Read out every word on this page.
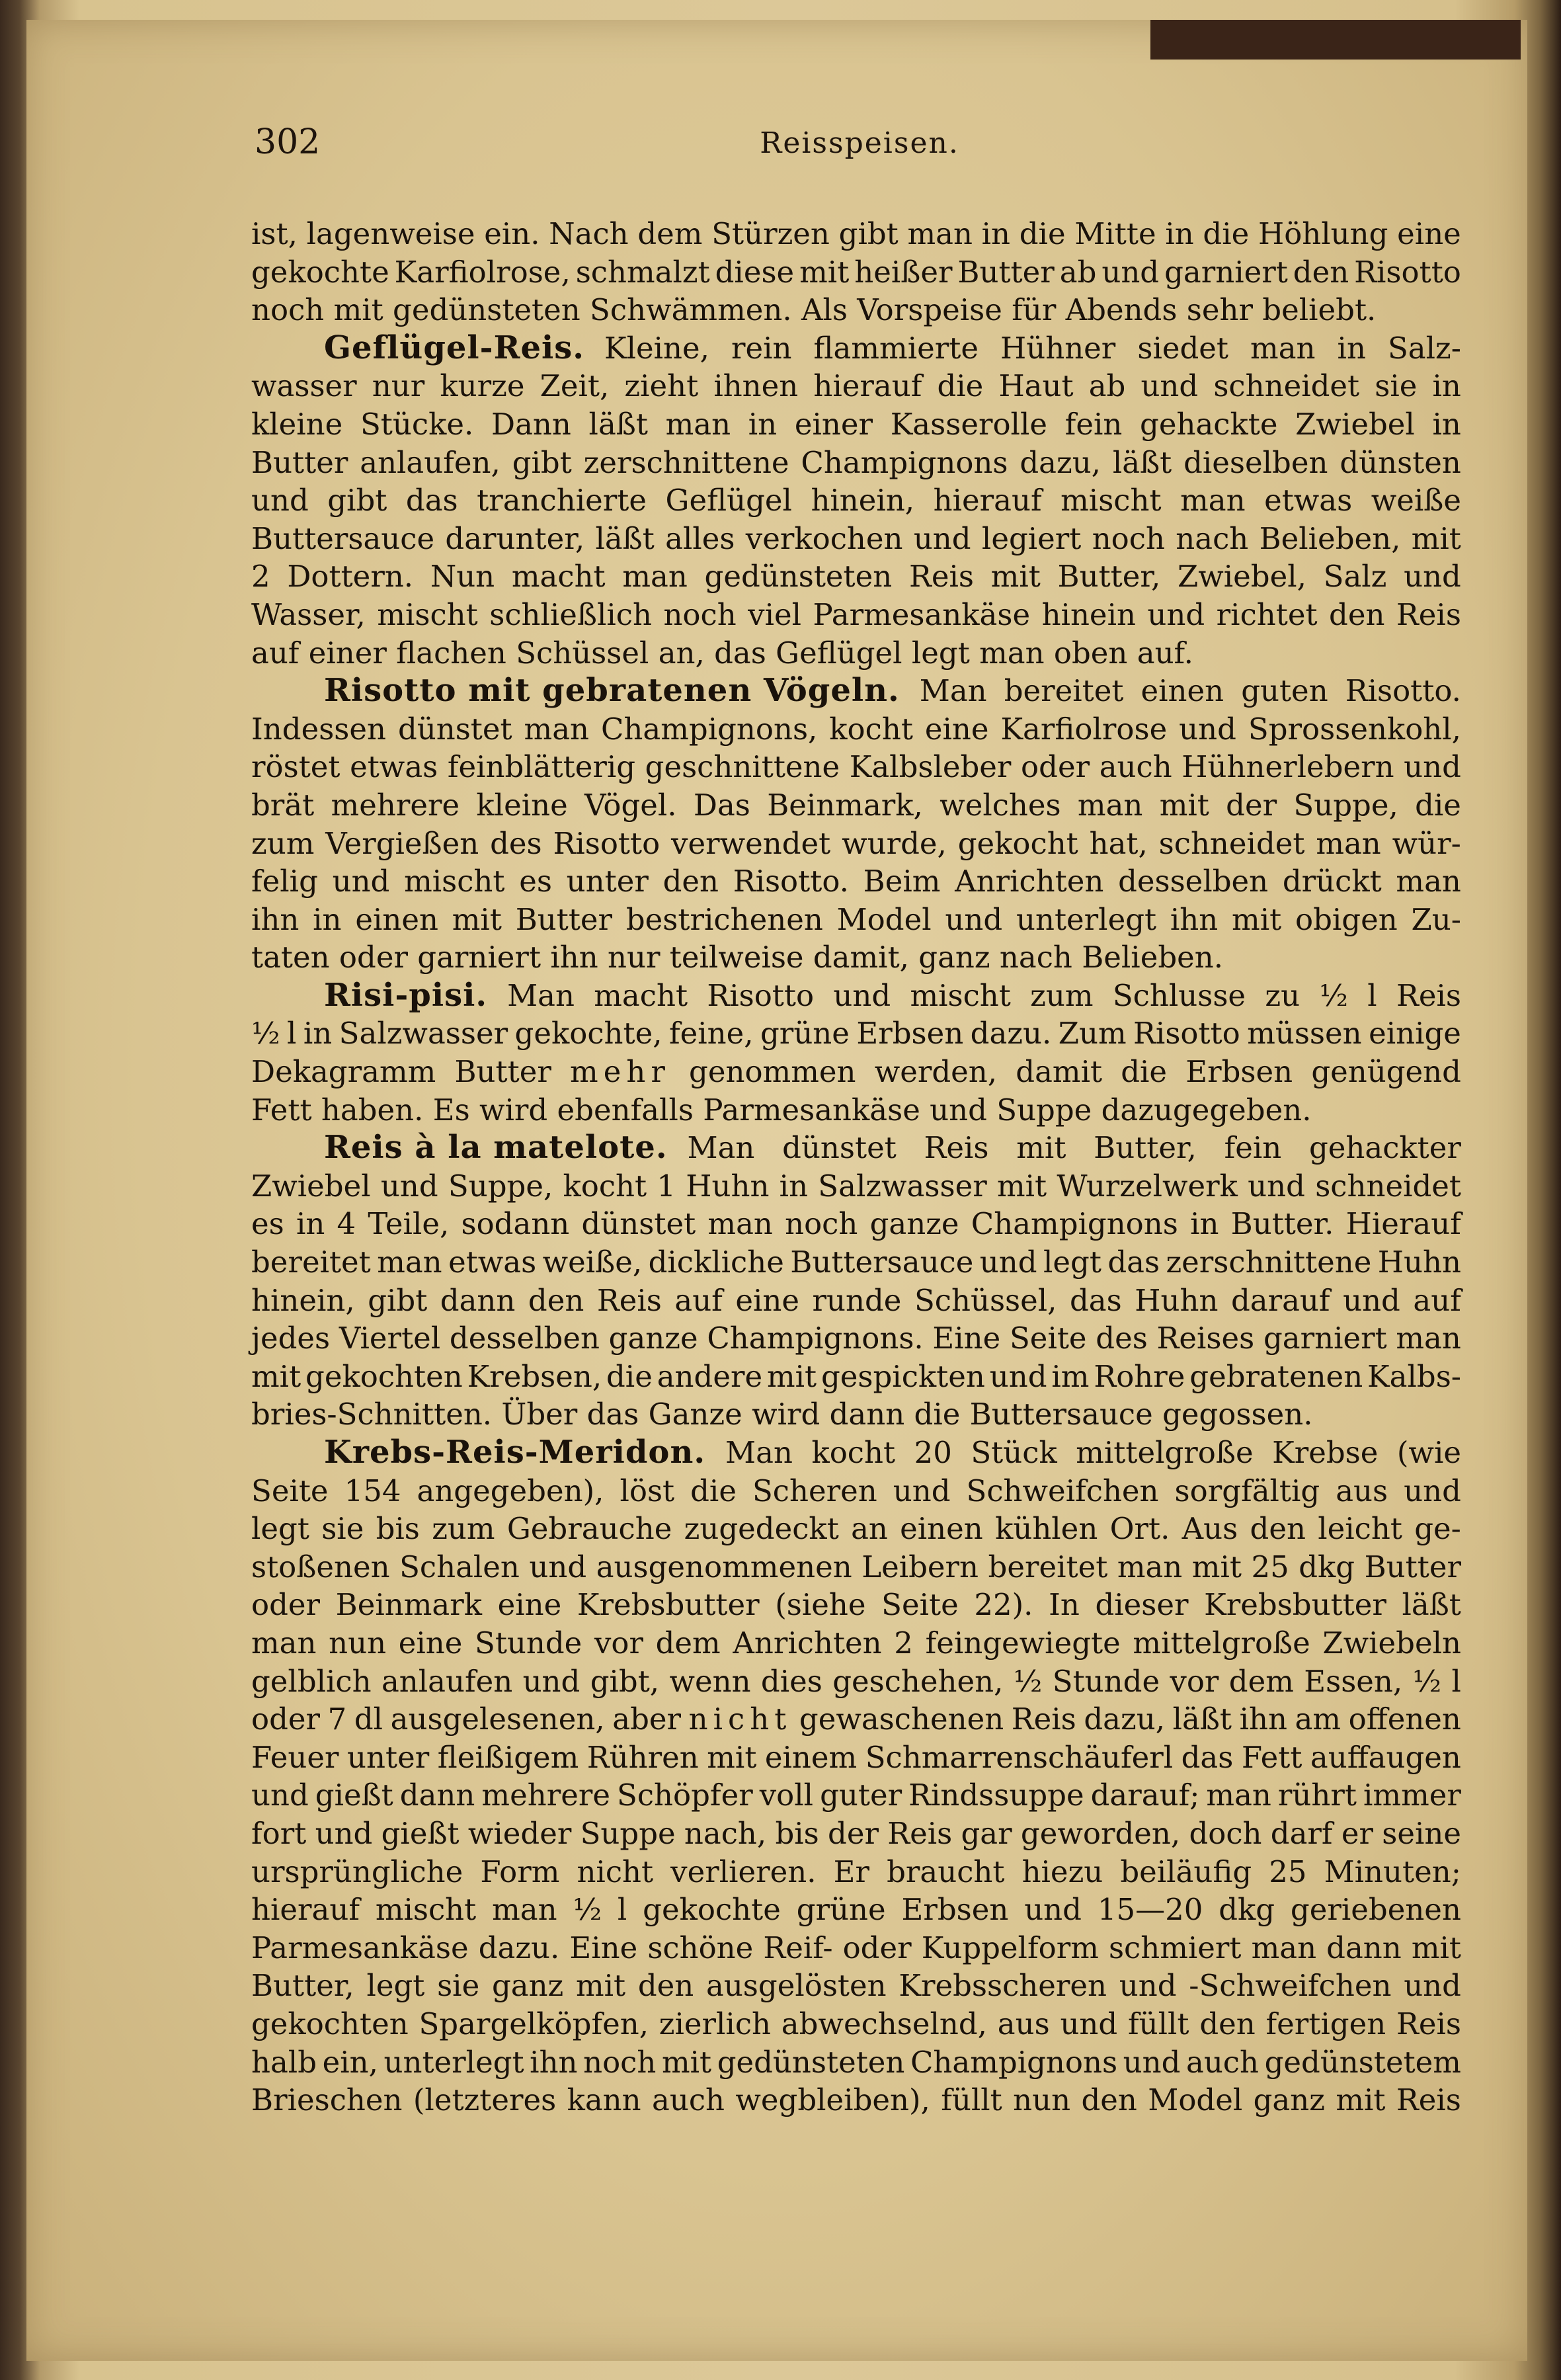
302	Reisspeisen.
ist, lagenweise ein. Nach dem Stürzen gibt man in die Mitte in die Höhlung eine
gekochte Karfiolrose, schmalzt diese mit heißer Butter ab und garniert den Risotto
noch mit gedünsteten Schwämmen. Als Vorspeise für Abends sehr beliebt.
Geflügel-Reis. Kleine, rein flammierte Hühner siedet man in Salz-
wasser nur kurze Zeit, zieht ihnen hierauf die Haut ab und schneidet sie in
kleine Stücke. Dann läßt man in einer Kasserolle fein gehackte Zwiebel in
Butter anlaufen, gibt zerschnittene Champignons dazu, läßt dieselben dünsten
und gibt das tranchierte Geflügel hinein, hierauf mischt man etwas weiße
Buttersauce darunter, läßt alles verkochen und legiert noch nach Belieben, mit
2 Dottern. Nun macht man gedünsteten Reis mit Butter, Zwiebel, Salz und
Wasser, mischt schließlich noch viel Parmesankäse hinein und richtet den Reis
auf einer flachen Schüssel an, das Geflügel legt man oben auf.
Risotto mit gebratenen Vögeln. Man bereitet einen guten Risotto.
Indessen dünstet man Champignons, kocht eine Karfiolrose und Sprossenkohl,
röstet etwas feinblätterig geschnittene Kalbsleber oder auch Hühnerlebern und
brät mehrere kleine Vögel. Das Beinmark, welches man mit der Suppe, die
zum Vergießen des Risotto verwendet wurde, gekocht hat, schneidet man wür-
felig und mischt es unter den Risotto. Beim Anrichten desselben drückt man
ihn in einen mit Butter bestrichenen Model und unterlegt ihn mit obigen Zu-
taten oder garniert ihn nur teilweise damit, ganz nach Belieben.
Risi-pisi. Man macht Risotto und mischt zum Schlusse zu ½ l Reis
½ l in Salzwasser gekochte, feine, grüne Erbsen dazu. Zum Risotto müssen einige
Dekagramm Butter mehr genommen werden, damit die Erbsen genügend
Fett haben. Es wird ebenfalls Parmesankäse und Suppe dazugegeben.
Reis à la matelote. Man dünstet Reis mit Butter, fein gehackter
Zwiebel und Suppe, kocht 1 Huhn in Salzwasser mit Wurzelwerk und schneidet
es in 4 Teile, sodann dünstet man noch ganze Champignons in Butter. Hierauf
bereitet man etwas weiße, dickliche Buttersauce und legt das zerschnittene Huhn
hinein, gibt dann den Reis auf eine runde Schüssel, das Huhn darauf und auf
jedes Viertel desselben ganze Champignons. Eine Seite des Reises garniert man
mit gekochten Krebsen, die andere mit gespickten und im Rohre gebratenen Kalbs-
bries-Schnitten. Über das Ganze wird dann die Buttersauce gegossen.
Krebs-Reis-Meridon. Man kocht 20 Stück mittelgroße Krebse (wie
Seite 154 angegeben), löst die Scheren und Schweifchen sorgfältig aus und
legt sie bis zum Gebrauche zugedeckt an einen kühlen Ort. Aus den leicht ge-
stoßenen Schalen und ausgenommenen Leibern bereitet man mit 25 dkg Butter
oder Beinmark eine Krebsbutter (siehe Seite 22). In dieser Krebsbutter läßt
man nun eine Stunde vor dem Anrichten 2 feingewiegte mittelgroße Zwiebeln
gelblich anlaufen und gibt, wenn dies geschehen, ½ Stunde vor dem Essen, ½ l
oder 7 dl ausgelesenen, aber nicht gewaschenen Reis dazu, läßt ihn am offenen
Feuer unter fleißigem Rühren mit einem Schmarrenschäuferl das Fett auffaugen
und gießt dann mehrere Schöpfer voll guter Rindssuppe darauf; man rührt immer
fort und gießt wieder Suppe nach, bis der Reis gar geworden, doch darf er seine
ursprüngliche Form nicht verlieren. Er braucht hiezu beiläufig 25 Minuten;
hierauf mischt man ½ l gekochte grüne Erbsen und 15—20 dkg geriebenen
Parmesankäse dazu. Eine schöne Reif- oder Kuppelform schmiert man dann mit
Butter, legt sie ganz mit den ausgelösten Krebsscheren und -Schweifchen und
gekochten Spargelköpfen, zierlich abwechselnd, aus und füllt den fertigen Reis
halb ein, unterlegt ihn noch mit gedünsteten Champignons und auch gedünstetem
Brieschen (letzteres kann auch wegbleiben), füllt nun den Model ganz mit Reis
